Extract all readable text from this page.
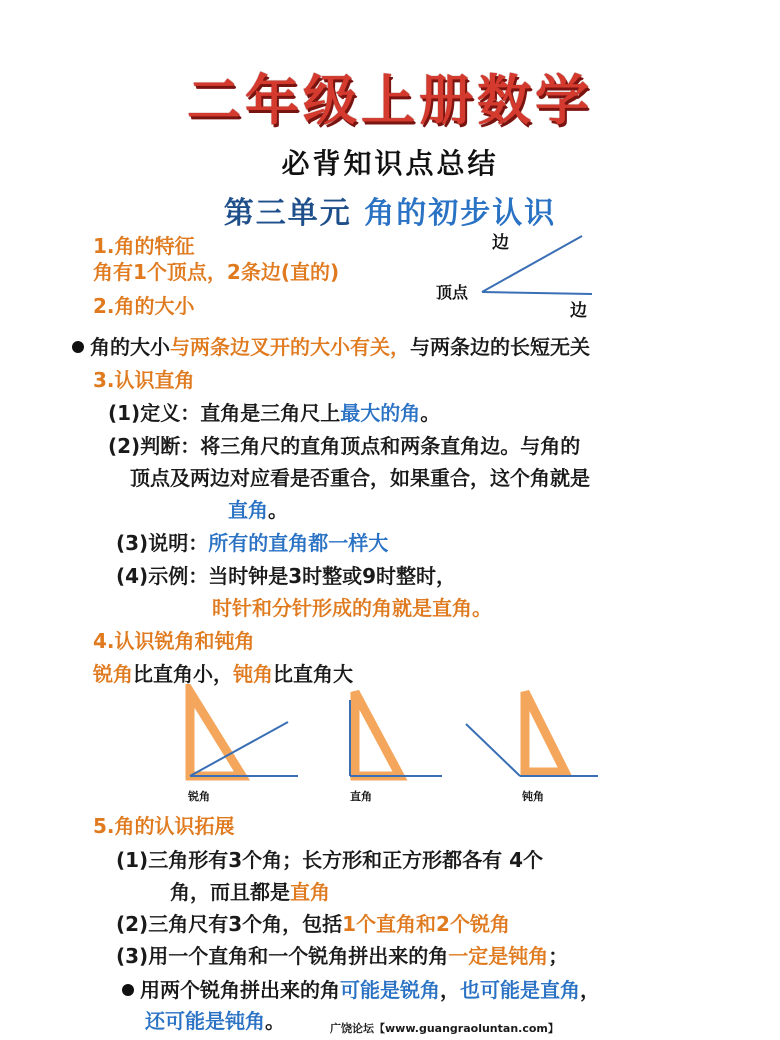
二年级上册数学
必背知识点总结
第三单元 角的初步认识
1.角的特征
角有1个顶点，2条边(直的)
边
顶点
边
2.角的大小
角的大小与两条边叉开的大小有关，与两条边的长短无关
3.认识直角
(1)定义：直角是三角尺上最大的角。
(2)判断：将三角尺的直角顶点和两条直角边。与角的
顶点及两边对应看是否重合，如果重合，这个角就是
直角。
(3)说明：所有的直角都一样大
(4)示例：当时钟是3时整或9时整时，
时针和分针形成的角就是直角。
4.认识锐角和钝角
锐角比直角小，钝角比直角大
锐角	直角	钝角
5.角的认识拓展
(1)三角形有3个角；长方形和正方形都各有 4个
角，而且都是直角
(2)三角尺有3个角，包括1个直角和2个锐角
(3)用一个直角和一个锐角拼出来的角一定是钝角；
用两个锐角拼出来的角可能是锐角，也可能是直角，
还可能是钝角。	广饶论坛【www.guangraoluntan.com】
